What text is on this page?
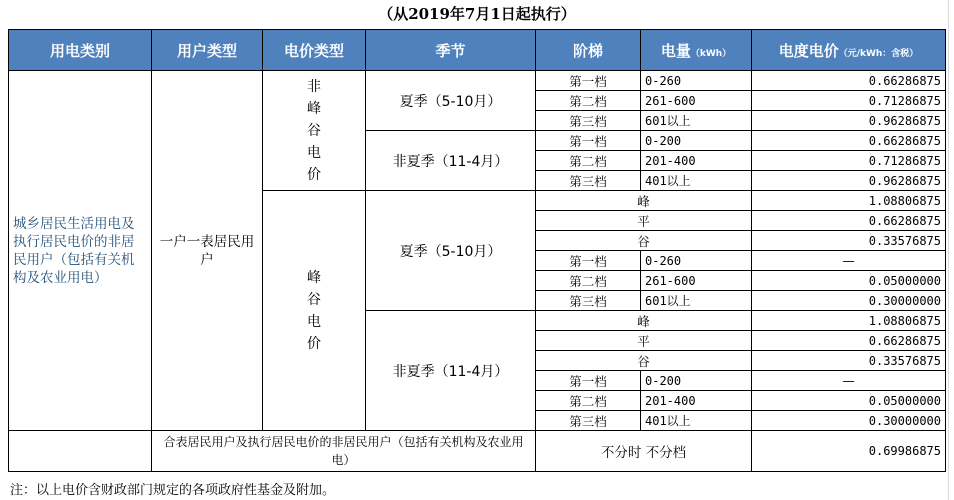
（从2019年7月1日起执行）
用电类别	用户类型	电价类型	季节	阶梯	电量（kWh）	电度电价（元/kWh：含税）
城乡居民生活用电及执行居民电价的非居民用户（包括有关机构及农业用电）	一户一表居民用户	非峰谷电价	夏季（5-10月）	第一档	0-260	0.66286875
				第二档	261-600	0.71286875
				第三档	601以上	0.96286875
			非夏季（11-4月）	第一档	0-200	0.66286875
				第二档	201-400	0.71286875
				第三档	401以上	0.96286875
		峰谷电价	夏季（5-10月）	峰		1.08806875
				平		0.66286875
				谷		0.33576875
				第一档	0-260	—
				第二档	261-600	0.05000000
				第三档	601以上	0.30000000
			非夏季（11-4月）	峰		1.08806875
				平		0.66286875
				谷		0.33576875
				第一档	0-200	—
				第二档	201-400	0.05000000
				第三档	401以上	0.30000000
	合表居民用户及执行居民电价的非居民用户（包括有关机构及农业用电）			不分时 不分档		0.69986875
注：以上电价含财政部门规定的各项政府性基金及附加。
